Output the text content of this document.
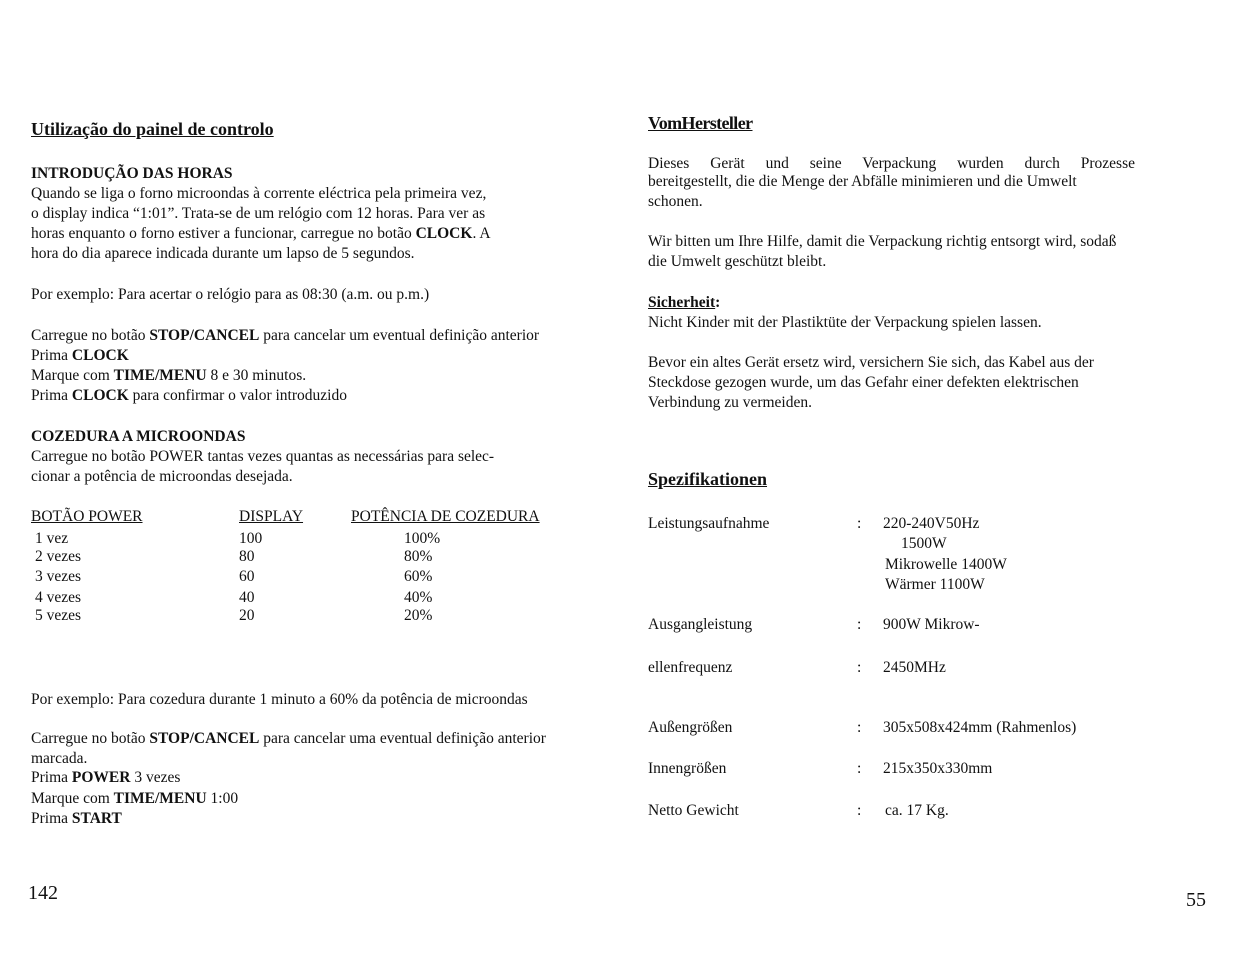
Utilização do painel de controlo
INTRODUÇÃO DAS HORAS
Quando se liga o forno microondas à corrente eléctrica pela primeira vez,
o display indica “1:01”. Trata-se de um relógio com 12 horas. Para ver as
horas enquanto o forno estiver a funcionar, carregue no botão CLOCK. A
hora do dia aparece indicada durante um lapso de 5 segundos.
Por exemplo: Para acertar o relógio para as 08:30 (a.m. ou p.m.)
Carregue no botão STOP/CANCEL para cancelar um eventual definição anterior
Prima CLOCK
Marque com TIME/MENU 8 e 30 minutos.
Prima CLOCK para confirmar o valor introduzido
COZEDURA A MICROONDAS
Carregue no botão POWER tantas vezes quantas as necessárias para selec-
cionar a potência de microondas desejada.
BOTÃO POWER	DISPLAY	POTÊNCIA DE COZEDURA
1 vez	100	100%
2 vezes	80	80%
3 vezes	60	60%
4 vezes	40	40%
5 vezes	20	20%
Por exemplo: Para cozedura durante 1 minuto a 60% da potência de microondas
Carregue no botão STOP/CANCEL para cancelar uma eventual definição anterior
marcada.
Prima POWER 3 vezes
Marque com TIME/MENU 1:00
Prima START
142
VomHersteller
Dieses Gerät und seine Verpackung wurden durch Prozesse
bereitgestellt, die die Menge der Abfälle minimieren und die Umwelt
schonen.
Wir bitten um Ihre Hilfe, damit die Verpackung richtig entsorgt wird, sodaß
die Umwelt geschützt bleibt.
Sicherheit:
Nicht Kinder mit der Plastiktüte der Verpackung spielen lassen.
Bevor ein altes Gerät ersetz wird, versichern Sie sich, das Kabel aus der
Steckdose gezogen wurde, um das Gefahr einer defekten elektrischen
Verbindung zu vermeiden.
Spezifikationen
Leistungsaufnahme	: 220-240V50Hz
1500W
Mikrowelle 1400W
Wärmer 1100W
Ausgangleistung	: 900W Mikrow-
ellenfrequenz	: 2450MHz
Außengrößen	: 305x508x424mm (Rahmenlos)
Innengrößen	: 215x350x330mm
Netto Gewicht	: ca. 17 Kg.
55
